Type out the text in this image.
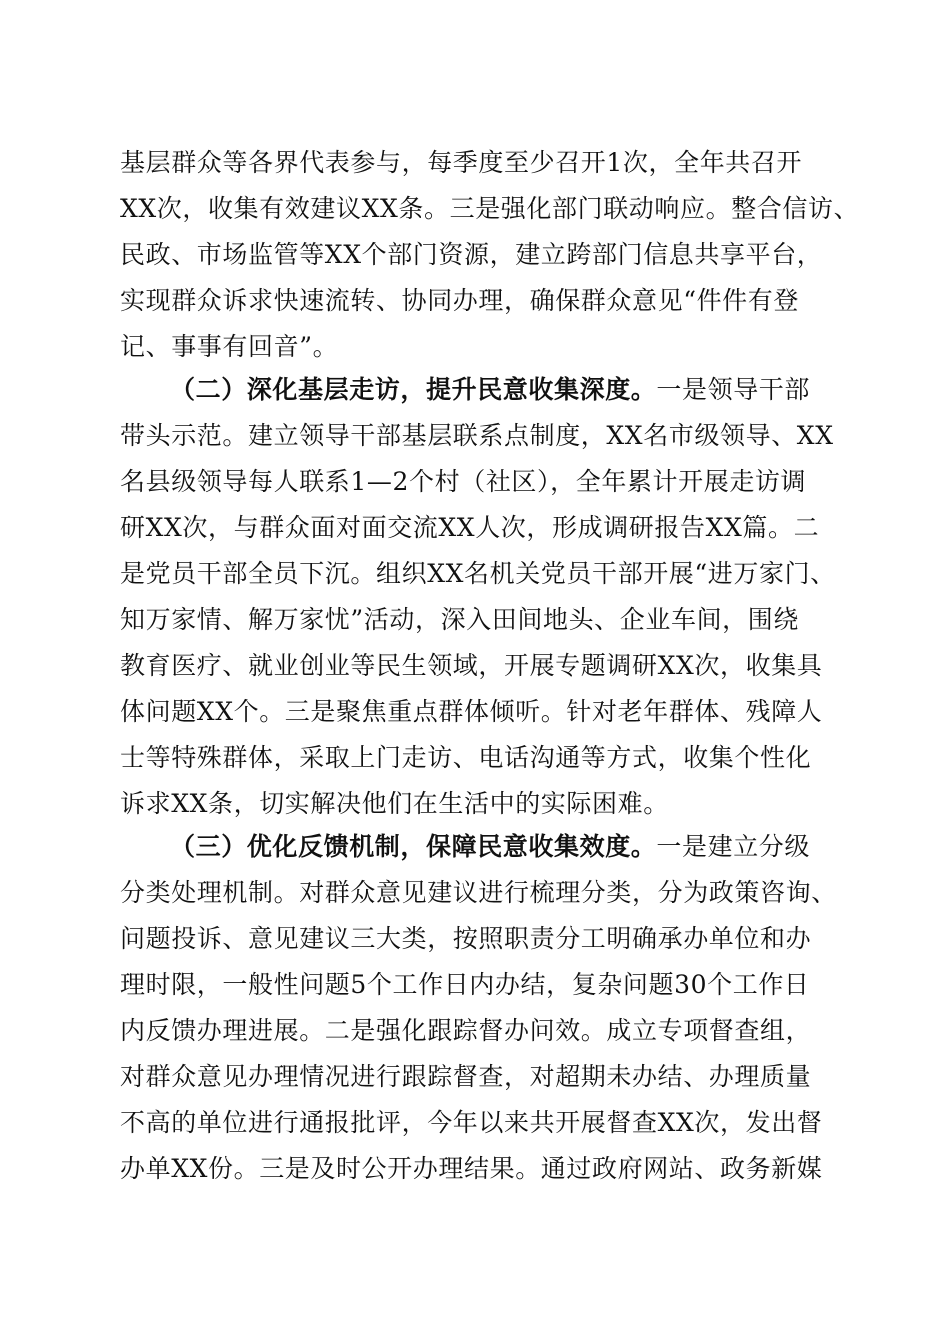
基层群众等各界代表参与，每季度至少召开1次，全年共召开
XX次，收集有效建议XX条。三是强化部门联动响应。整合信访、
民政、市场监管等XX个部门资源，建立跨部门信息共享平台，
实现群众诉求快速流转、协同办理，确保群众意见“件件有登
记、事事有回音”。
（二）深化基层走访，提升民意收集深度。一是领导干部
带头示范。建立领导干部基层联系点制度，XX名市级领导、XX
名县级领导每人联系1—2个村（社区），全年累计开展走访调
研XX次，与群众面对面交流XX人次，形成调研报告XX篇。二
是党员干部全员下沉。组织XX名机关党员干部开展“进万家门、
知万家情、解万家忧”活动，深入田间地头、企业车间，围绕
教育医疗、就业创业等民生领域，开展专题调研XX次，收集具
体问题XX个。三是聚焦重点群体倾听。针对老年群体、残障人
士等特殊群体，采取上门走访、电话沟通等方式，收集个性化
诉求XX条，切实解决他们在生活中的实际困难。
（三）优化反馈机制，保障民意收集效度。一是建立分级
分类处理机制。对群众意见建议进行梳理分类，分为政策咨询、
问题投诉、意见建议三大类，按照职责分工明确承办单位和办
理时限，一般性问题5个工作日内办结，复杂问题30个工作日
内反馈办理进展。二是强化跟踪督办问效。成立专项督查组，
对群众意见办理情况进行跟踪督查，对超期未办结、办理质量
不高的单位进行通报批评，今年以来共开展督查XX次，发出督
办单XX份。三是及时公开办理结果。通过政府网站、政务新媒
